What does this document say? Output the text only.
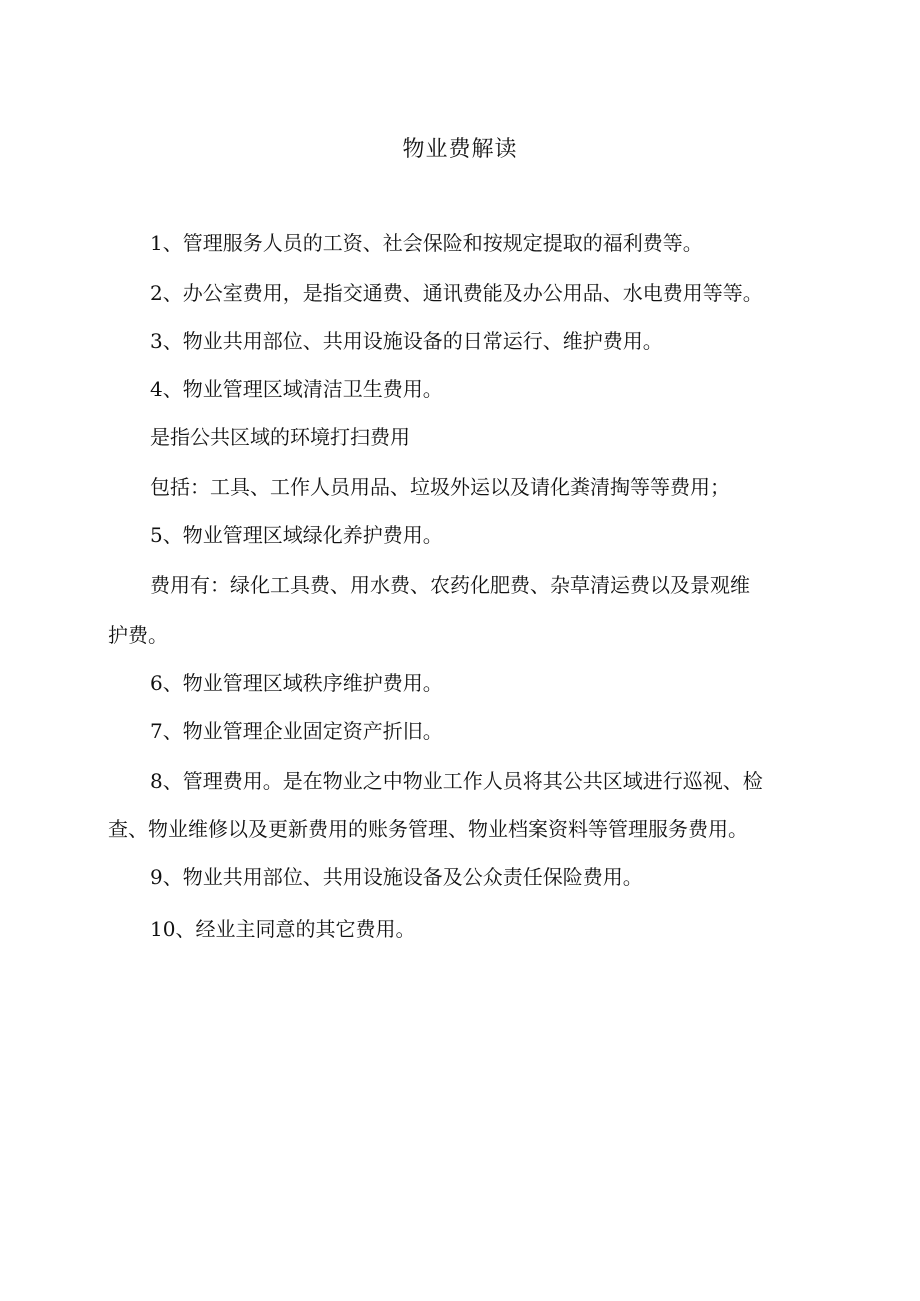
物业费解读
1、管理服务人员的工资、社会保险和按规定提取的福利费等。
2、办公室费用，是指交通费、通讯费能及办公用品、水电费用等等。
3、物业共用部位、共用设施设备的日常运行、维护费用。
4、物业管理区域清洁卫生费用。
是指公共区域的环境打扫费用
包括：工具、工作人员用品、垃圾外运以及请化粪清掏等等费用；
5、物业管理区域绿化养护费用。
费用有：绿化工具费、用水费、农药化肥费、杂草清运费以及景观维
护费。
6、物业管理区域秩序维护费用。
7、物业管理企业固定资产折旧。
8、管理费用。是在物业之中物业工作人员将其公共区域进行巡视、检
查、物业维修以及更新费用的账务管理、物业档案资料等管理服务费用。
9、物业共用部位、共用设施设备及公众责任保险费用。
10、经业主同意的其它费用。
